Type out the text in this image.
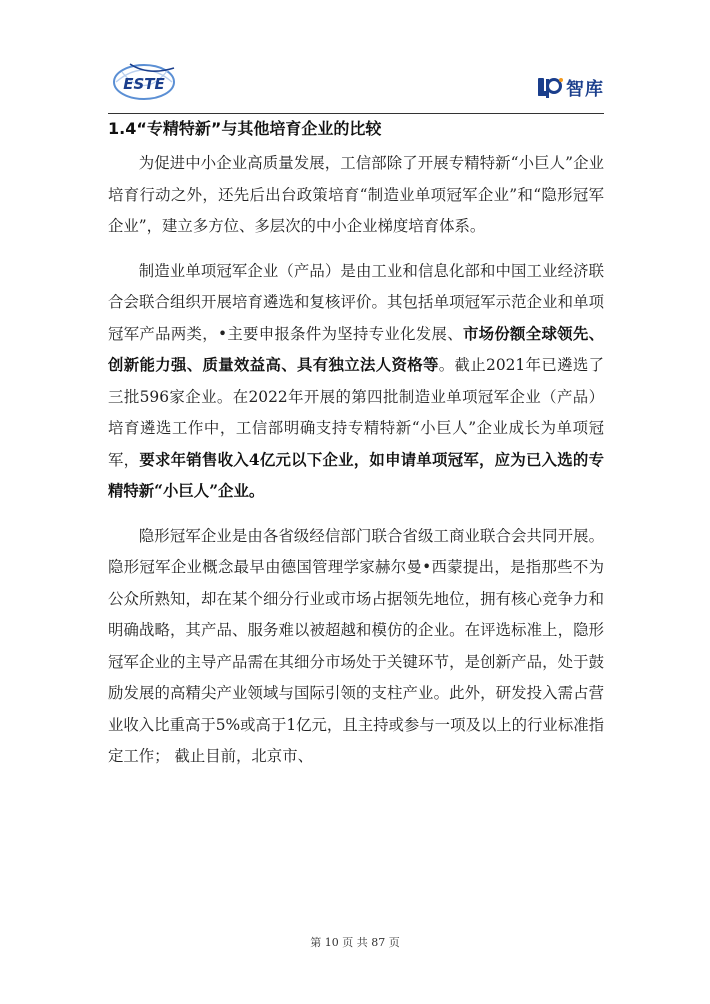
ESTE	智库
1.4“专精特新”与其他培育企业的比较

为促进中小企业高质量发展，工信部除了开展专精特新“小巨人”企业培育行动之外，还先后出台政策培育“制造业单项冠军企业”和“隐形冠军企业”，建立多方位、多层次的中小企业梯度培育体系。

制造业单项冠军企业（产品）是由工业和信息化部和中国工业经济联合会联合组织开展培育遴选和复核评价。其包括单项冠军示范企业和单项冠军产品两类，•主要申报条件为坚持专业化发展、市场份额全球领先、创新能力强、质量效益高、具有独立法人资格等。截止2021年已遴选了三批596家企业。在2022年开展的第四批制造业单项冠军企业（产品）培育遴选工作中，工信部明确支持专精特新“小巨人”企业成长为单项冠军，要求年销售收入4亿元以下企业，如申请单项冠军，应为已入选的专精特新“小巨人”企业。

隐形冠军企业是由各省级经信部门联合省级工商业联合会共同开展。隐形冠军企业概念最早由德国管理学家赫尔曼•西蒙提出，是指那些不为公众所熟知，却在某个细分行业或市场占据领先地位，拥有核心竞争力和明确战略，其产品、服务难以被超越和模仿的企业。在评选标准上，隐形冠军企业的主导产品需在其细分市场处于关键环节，是创新产品，处于鼓励发展的高精尖产业领域与国际引领的支柱产业。此外，研发投入需占营业收入比重高于5%或高于1亿元，且主持或参与一项及以上的行业标准指定工作； 截止目前，北京市、

第 10 页 共 87 页
